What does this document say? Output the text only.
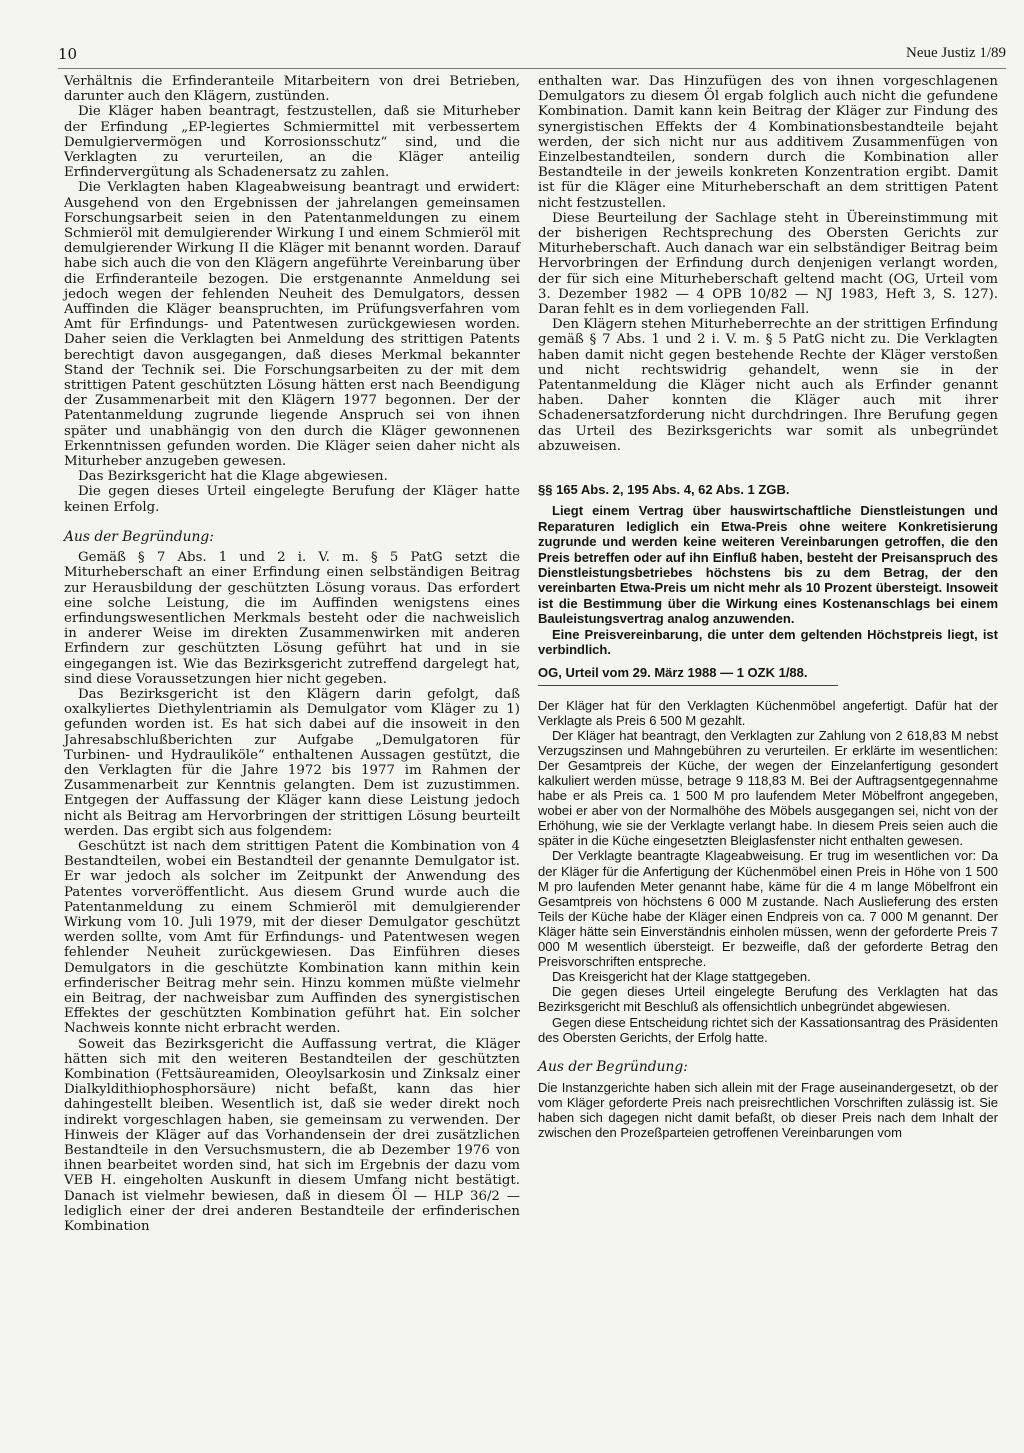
10	Neue Justiz 1/89

Verhältnis die Erfinderanteile Mitarbeitern von drei Betrieben, darunter auch den Klägern, zustünden.

Die Kläger haben beantragt, festzustellen, daß sie Miturheber der Erfindung „EP-legiertes Schmiermittel mit verbessertem Demulgiervermögen und Korrosionsschutz“ sind, und die Verklagten zu verurteilen, an die Kläger anteilig Erfindervergütung als Schadenersatz zu zahlen.

Die Verklagten haben Klageabweisung beantragt und erwidert: Ausgehend von den Ergebnissen der jahrelangen gemeinsamen Forschungsarbeit seien in den Patentanmeldungen zu einem Schmieröl mit demulgierender Wirkung I und einem Schmieröl mit demulgierender Wirkung II die Kläger mit benannt worden. Darauf habe sich auch die von den Klägern angeführte Vereinbarung über die Erfinderanteile bezogen. Die erstgenannte Anmeldung sei jedoch wegen der fehlenden Neuheit des Demulgators, dessen Auffinden die Kläger beanspruchten, im Prüfungsverfahren vom Amt für Erfindungs- und Patentwesen zurückgewiesen worden. Daher seien die Verklagten bei Anmeldung des strittigen Patents berechtigt davon ausgegangen, daß dieses Merkmal bekannter Stand der Technik sei. Die Forschungsarbeiten zu der mit dem strittigen Patent geschützten Lösung hätten erst nach Beendigung der Zusammenarbeit mit den Klägern 1977 begonnen. Der der Patentanmeldung zugrunde liegende Anspruch sei von ihnen später und unabhängig von den durch die Kläger gewonnenen Erkenntnissen gefunden worden. Die Kläger seien daher nicht als Miturheber anzugeben gewesen.

Das Bezirksgericht hat die Klage abgewiesen.

Die gegen dieses Urteil eingelegte Berufung der Kläger hatte keinen Erfolg.

Aus der Begründung:

Gemäß § 7 Abs. 1 und 2 i. V. m. § 5 PatG setzt die Miturheberschaft an einer Erfindung einen selbständigen Beitrag zur Herausbildung der geschützten Lösung voraus. Das erfordert eine solche Leistung, die im Auffinden wenigstens eines erfindungswesentlichen Merkmals besteht oder die nachweislich in anderer Weise im direkten Zusammenwirken mit anderen Erfindern zur geschützten Lösung geführt hat und in sie eingegangen ist. Wie das Bezirksgericht zutreffend dargelegt hat, sind diese Voraussetzungen hier nicht gegeben.

Das Bezirksgericht ist den Klägern darin gefolgt, daß oxalkyliertes Diethylentriamin als Demulgator vom Kläger zu 1) gefunden worden ist. Es hat sich dabei auf die insoweit in den Jahresabschlußberichten zur Aufgabe „Demulgatoren für Turbinen- und Hydrauliköle“ enthaltenen Aussagen gestützt, die den Verklagten für die Jahre 1972 bis 1977 im Rahmen der Zusammenarbeit zur Kenntnis gelangten. Dem ist zuzustimmen. Entgegen der Auffassung der Kläger kann diese Leistung jedoch nicht als Beitrag am Hervorbringen der strittigen Lösung beurteilt werden. Das ergibt sich aus folgendem:

Geschützt ist nach dem strittigen Patent die Kombination von 4 Bestandteilen, wobei ein Bestandteil der genannte Demulgator ist. Er war jedoch als solcher im Zeitpunkt der Anwendung des Patentes vorveröffentlicht. Aus diesem Grund wurde auch die Patentanmeldung zu einem Schmieröl mit demulgierender Wirkung vom 10. Juli 1979, mit der dieser Demulgator geschützt werden sollte, vom Amt für Erfindungs- und Patentwesen wegen fehlender Neuheit zurückgewiesen. Das Einführen dieses Demulgators in die geschützte Kombination kann mithin kein erfinderischer Beitrag mehr sein. Hinzu kommen müßte vielmehr ein Beitrag, der nachweisbar zum Auffinden des synergistischen Effektes der geschützten Kombination geführt hat. Ein solcher Nachweis konnte nicht erbracht werden.

Soweit das Bezirksgericht die Auffassung vertrat, die Kläger hätten sich mit den weiteren Bestandteilen der geschützten Kombination (Fettsäureamiden, Oleoylsarkosin und Zinksalz einer Dialkyldithiophosphorsäure) nicht befaßt, kann das hier dahingestellt bleiben. Wesentlich ist, daß sie weder direkt noch indirekt vorgeschlagen haben, sie gemeinsam zu verwenden. Der Hinweis der Kläger auf das Vorhandensein der drei zusätzlichen Bestandteile in den Versuchsmustern, die ab Dezember 1976 von ihnen bearbeitet worden sind, hat sich im Ergebnis der dazu vom VEB H. eingeholten Auskunft in diesem Umfang nicht bestätigt. Danach ist vielmehr bewiesen, daß in diesem Öl — HLP 36/2 — lediglich einer der drei anderen Bestandteile der erfinderischen Kombination

enthalten war. Das Hinzufügen des von ihnen vorgeschlagenen Demulgators zu diesem Öl ergab folglich auch nicht die gefundene Kombination. Damit kann kein Beitrag der Kläger zur Findung des synergistischen Effekts der 4 Kombinationsbestandteile bejaht werden, der sich nicht nur aus additivem Zusammenfügen von Einzelbestandteilen, sondern durch die Kombination aller Bestandteile in der jeweils konkreten Konzentration ergibt. Damit ist für die Kläger eine Miturheberschaft an dem strittigen Patent nicht festzustellen.

Diese Beurteilung der Sachlage steht in Übereinstimmung mit der bisherigen Rechtsprechung des Obersten Gerichts zur Miturheberschaft. Auch danach war ein selbständiger Beitrag beim Hervorbringen der Erfindung durch denjenigen verlangt worden, der für sich eine Miturheberschaft geltend macht (OG, Urteil vom 3. Dezember 1982 — 4 OPB 10/82 — NJ 1983, Heft 3, S. 127). Daran fehlt es in dem vorliegenden Fall.

Den Klägern stehen Miturheberrechte an der strittigen Erfindung gemäß § 7 Abs. 1 und 2 i. V. m. § 5 PatG nicht zu. Die Verklagten haben damit nicht gegen bestehende Rechte der Kläger verstoßen und nicht rechtswidrig gehandelt, wenn sie in der Patentanmeldung die Kläger nicht auch als Erfinder genannt haben. Daher konnten die Kläger auch mit ihrer Schadenersatzforderung nicht durchdringen. Ihre Berufung gegen das Urteil des Bezirksgerichts war somit als unbegründet abzuweisen.

§§ 165 Abs. 2, 195 Abs. 4, 62 Abs. 1 ZGB.

Liegt einem Vertrag über hauswirtschaftliche Dienstleistungen und Reparaturen lediglich ein Etwa-Preis ohne weitere Konkretisierung zugrunde und werden keine weiteren Vereinbarungen getroffen, die den Preis betreffen oder auf ihn Einfluß haben, besteht der Preisanspruch des Dienstleistungsbetriebes höchstens bis zu dem Betrag, der den vereinbarten Etwa-Preis um nicht mehr als 10 Prozent übersteigt. Insoweit ist die Bestimmung über die Wirkung eines Kostenanschlags bei einem Bauleistungsvertrag analog anzuwenden.

Eine Preisvereinbarung, die unter dem geltenden Höchstpreis liegt, ist verbindlich.

OG, Urteil vom 29. März 1988 — 1 OZK 1/88.

Der Kläger hat für den Verklagten Küchenmöbel angefertigt. Dafür hat der Verklagte als Preis 6 500 M gezahlt.

Der Kläger hat beantragt, den Verklagten zur Zahlung von 2 618,83 M nebst Verzugszinsen und Mahngebühren zu verurteilen. Er erklärte im wesentlichen: Der Gesamtpreis der Küche, der wegen der Einzelanfertigung gesondert kalkuliert werden müsse, betrage 9 118,83 M. Bei der Auftragsentgegennahme habe er als Preis ca. 1 500 M pro laufendem Meter Möbelfront angegeben, wobei er aber von der Normalhöhe des Möbels ausgegangen sei, nicht von der Erhöhung, wie sie der Verklagte verlangt habe. In diesem Preis seien auch die später in die Küche eingesetzten Bleiglasfenster nicht enthalten gewesen.

Der Verklagte beantragte Klageabweisung. Er trug im wesentlichen vor: Da der Kläger für die Anfertigung der Küchenmöbel einen Preis in Höhe von 1 500 M pro laufenden Meter genannt habe, käme für die 4 m lange Möbelfront ein Gesamtpreis von höchstens 6 000 M zustande. Nach Auslieferung des ersten Teils der Küche habe der Kläger einen Endpreis von ca. 7 000 M genannt. Der Kläger hätte sein Einverständnis einholen müssen, wenn der geforderte Preis 7 000 M wesentlich übersteigt. Er bezweifle, daß der geforderte Betrag den Preisvorschriften entspreche.

Das Kreisgericht hat der Klage stattgegeben.

Die gegen dieses Urteil eingelegte Berufung des Verklagten hat das Bezirksgericht mit Beschluß als offensichtlich unbegründet abgewiesen.

Gegen diese Entscheidung richtet sich der Kassationsantrag des Präsidenten des Obersten Gerichts, der Erfolg hatte.

Aus der Begründung:

Die Instanzgerichte haben sich allein mit der Frage auseinandergesetzt, ob der vom Kläger geforderte Preis nach preisrechtlichen Vorschriften zulässig ist. Sie haben sich dagegen nicht damit befaßt, ob dieser Preis nach dem Inhalt der zwischen den Prozeßparteien getroffenen Vereinbarungen vom
